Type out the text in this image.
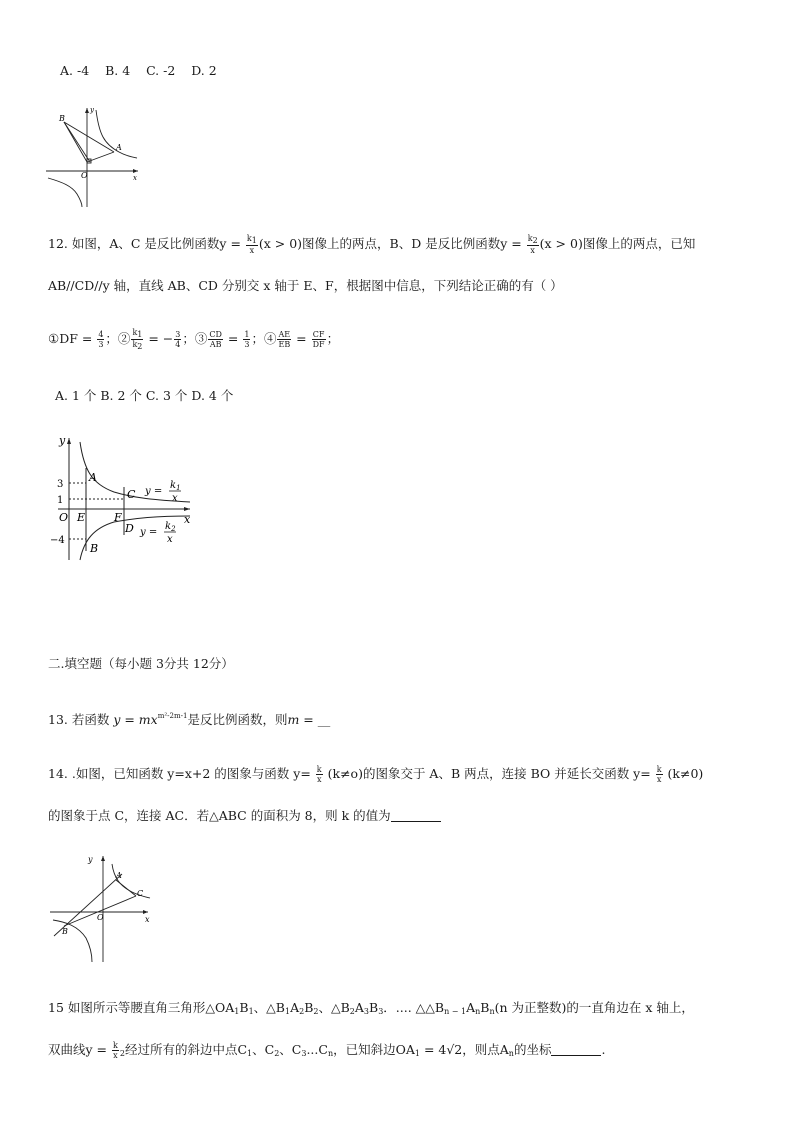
A. -4 B. 4 C. -2 D. 2
B
A
O
y
x
12. 如图，A、C 是反比例函数$y = \frac{k1}{x} (x > 0)$图像上的两点，B、D 是反比例函数$y = \frac{k2}{x} (x > 0)$图像上的两点，已知
AB//CD//y 轴，直线 AB、CD 分别交 x 轴于 E、F，根据图中信息，下列结论正确的有（ ）
①DF = $\frac{4}{3}$ ；② $\frac{k1}{k2}$ = − $\frac{3}{4}$ ；③ $\frac{CD}{AB} = \frac{1}{3}$ ；④ $\frac{AE}{EB} = \frac{CF}{DF}$ ；
A. 1 个 B. 2 个 C. 3 个 D. 4 个
y
x
O E	F
A
B
C
D
3
1
−4
y =
$k_1$
x
y =
$k_2$
x
二.填空题（每小题 3分共 12分）
13. 若函数 $y = mx^{m^2-2m-1}$是反比例函数，则m = __
14. .如图，已知函数 y=x+2 的图象与函数 $y= \frac{k}{x} (k\ne o)$的图象交于 A、B 两点，连接 BO 并延长交函数 $y= \frac{k}{x} (k\ne 0)$
的图象于点 C，连接 AC．若△ABC 的面积为 8，则 k 的值为
y
x
O
A
B
C
15 如图所示等腰直角三角形$\triangle OA_1B_1$、$\triangle B_1A_2B_2$、$\triangle B_2A_3B_3$．.... $\triangle\triangle B_{n - 1}A_nB_n(n$ 为正整数)的一直角边在 x 轴上，
双曲线$y = \frac{k}{x} _2$经过所有的斜边中点$C_1$、$C_2$、$C_3...C_n$，已知斜边$OA_1 = 4√2$，则点$A_n$的坐标	.
